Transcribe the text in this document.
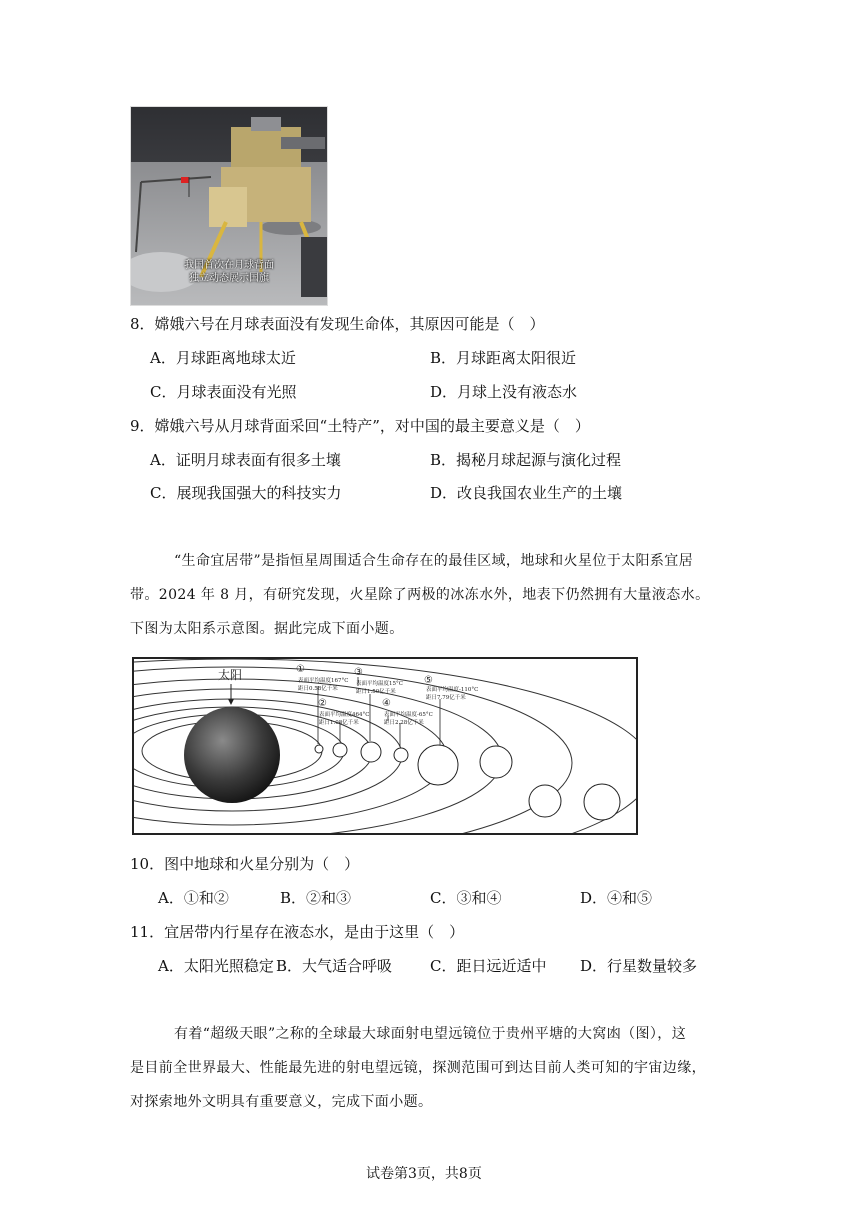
我国首次在月球背面
独立动态展示国旗
8．嫦娥六号在月球表面没有发现生命体，其原因可能是（　）
A．月球距离地球太近	B．月球距离太阳很近
C．月球表面没有光照	D．月球上没有液态水
9．嫦娥六号从月球背面采回“土特产”，对中国的最主要意义是（　）
A．证明月球表面有很多土壤	B．揭秘月球起源与演化过程
C．展现我国强大的科技实力	D．改良我国农业生产的土壤
“生命宜居带”是指恒星周围适合生命存在的最佳区域，地球和火星位于太阳系宜居
带。2024 年 8 月，有研究发现，火星除了两极的冰冻水外，地表下仍然拥有大量液态水。
下图为太阳系示意图。据此完成下面小题。
太阳	①
表面平均温度167°C
距日0.58亿千米
②
表面平均温度464°C
距日1.08亿千米
③
表面平均温度15°C
距日1.50亿千米
④
表面平均温度-65°C
距日2.28亿千米
⑤
表面平均温度-110°C
距日7.79亿千米
10．图中地球和火星分别为（　）
A．①和②	B．②和③	C．③和④	D．④和⑤
11．宜居带内行星存在液态水，是由于这里（　）
A．太阳光照稳定 B．大气适合呼吸	C．距日远近适中 D．行星数量较多
有着“超级天眼”之称的全球最大球面射电望远镜位于贵州平塘的大窝凼（图），这
是目前全世界最大、性能最先进的射电望远镜，探测范围可到达目前人类可知的宇宙边缘，
对探索地外文明具有重要意义，完成下面小题。
试卷第3页，共8页
